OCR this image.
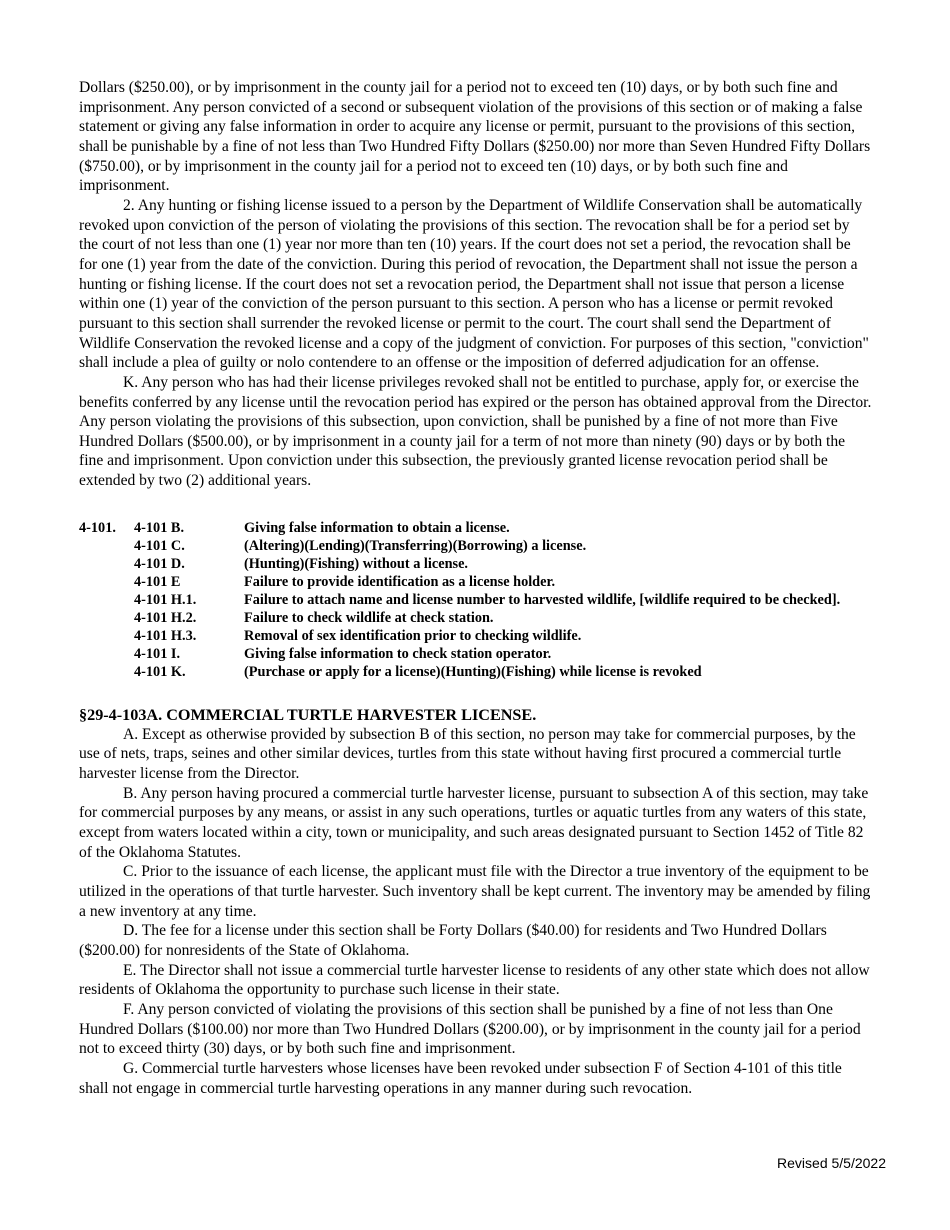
Dollars ($250.00), or by imprisonment in the county jail for a period not to exceed ten (10) days, or by both such fine and imprisonment. Any person convicted of a second or subsequent violation of the provisions of this section or of making a false statement or giving any false information in order to acquire any license or permit, pursuant to the provisions of this section, shall be punishable by a fine of not less than Two Hundred Fifty Dollars ($250.00) nor more than Seven Hundred Fifty Dollars ($750.00), or by imprisonment in the county jail for a period not to exceed ten (10) days, or by both such fine and imprisonment.

2. Any hunting or fishing license issued to a person by the Department of Wildlife Conservation shall be automatically revoked upon conviction of the person of violating the provisions of this section. The revocation shall be for a period set by the court of not less than one (1) year nor more than ten (10) years. If the court does not set a period, the revocation shall be for one (1) year from the date of the conviction. During this period of revocation, the Department shall not issue the person a hunting or fishing license. If the court does not set a revocation period, the Department shall not issue that person a license within one (1) year of the conviction of the person pursuant to this section. A person who has a license or permit revoked pursuant to this section shall surrender the revoked license or permit to the court. The court shall send the Department of Wildlife Conservation the revoked license and a copy of the judgment of conviction. For purposes of this section, "conviction" shall include a plea of guilty or nolo contendere to an offense or the imposition of deferred adjudication for an offense.

K. Any person who has had their license privileges revoked shall not be entitled to purchase, apply for, or exercise the benefits conferred by any license until the revocation period has expired or the person has obtained approval from the Director. Any person violating the provisions of this subsection, upon conviction, shall be punished by a fine of not more than Five Hundred Dollars ($500.00), or by imprisonment in a county jail for a term of not more than ninety (90) days or by both the fine and imprisonment. Upon conviction under this subsection, the previously granted license revocation period shall be extended by two (2) additional years.

4-101.	4-101 B.	Giving false information to obtain a license.
	4-101 C.	(Altering)(Lending)(Transferring)(Borrowing) a license.
	4-101 D.	(Hunting)(Fishing) without a license.
	4-101 E	Failure to provide identification as a license holder.
	4-101 H.1.	Failure to attach name and license number to harvested wildlife, [wildlife required to be checked].
	4-101 H.2.	Failure to check wildlife at check station.
	4-101 H.3.	Removal of sex identification prior to checking wildlife.
	4-101 I.	Giving false information to check station operator.
	4-101 K.	(Purchase or apply for a license)(Hunting)(Fishing) while license is revoked
§29-4-103A. COMMERCIAL TURTLE HARVESTER LICENSE.

A. Except as otherwise provided by subsection B of this section, no person may take for commercial purposes, by the use of nets, traps, seines and other similar devices, turtles from this state without having first procured a commercial turtle harvester license from the Director.

B. Any person having procured a commercial turtle harvester license, pursuant to subsection A of this section, may take for commercial purposes by any means, or assist in any such operations, turtles or aquatic turtles from any waters of this state, except from waters located within a city, town or municipality, and such areas designated pursuant to Section 1452 of Title 82 of the Oklahoma Statutes.

C. Prior to the issuance of each license, the applicant must file with the Director a true inventory of the equipment to be utilized in the operations of that turtle harvester. Such inventory shall be kept current. The inventory may be amended by filing a new inventory at any time.

D. The fee for a license under this section shall be Forty Dollars ($40.00) for residents and Two Hundred Dollars ($200.00) for nonresidents of the State of Oklahoma.

E. The Director shall not issue a commercial turtle harvester license to residents of any other state which does not allow residents of Oklahoma the opportunity to purchase such license in their state.

F. Any person convicted of violating the provisions of this section shall be punished by a fine of not less than One Hundred Dollars ($100.00) nor more than Two Hundred Dollars ($200.00), or by imprisonment in the county jail for a period not to exceed thirty (30) days, or by both such fine and imprisonment.

G. Commercial turtle harvesters whose licenses have been revoked under subsection F of Section 4-101 of this title shall not engage in commercial turtle harvesting operations in any manner during such revocation.

Revised 5/5/2022
